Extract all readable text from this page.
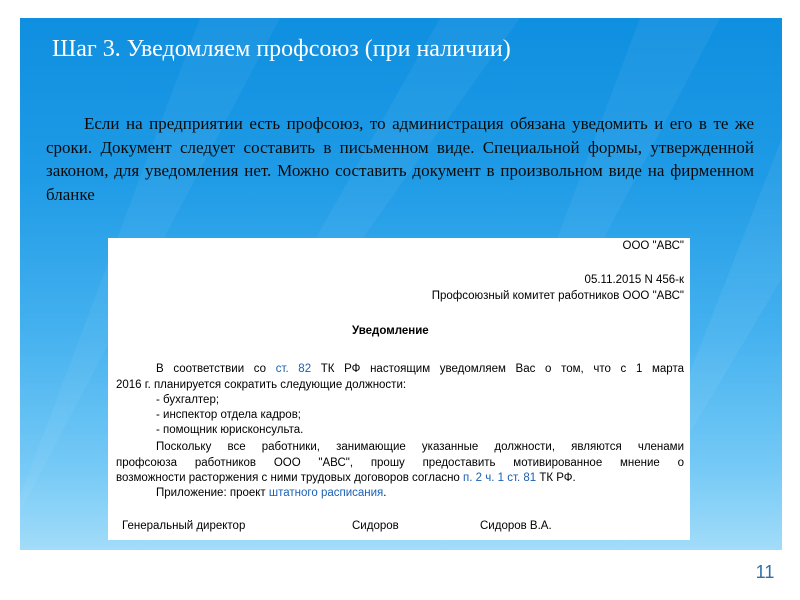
Шаг 3. Уведомляем профсоюз (при наличии)

Если на предприятии есть профсоюз, то администрация обязана уведомить и его в те же сроки. Документ следует составить в письменном виде. Специальной формы, утвержденной законом, для уведомления нет. Можно составить документ в произвольном виде на фирменном бланке

ООО "АВС"
05.11.2015 N 456-к
Профсоюзный комитет работников ООО "АВС"
Уведомление
В соответствии со ст. 82 ТК РФ настоящим уведомляем Вас о том, что с 1 марта
2016 г. планируется сократить следующие должности:
- бухгалтер;
- инспектор отдела кадров;
- помощник юрисконсульта.
Поскольку все работники, занимающие указанные должности, являются членами
профсоюза работников ООО "АВС", прошу предоставить мотивированное мнение о
возможности расторжения с ними трудовых договоров согласно п. 2 ч. 1 ст. 81 ТК РФ.
Приложение: проект штатного расписания.
Генеральный директор	Сидоров	Сидоров В.А.
11
